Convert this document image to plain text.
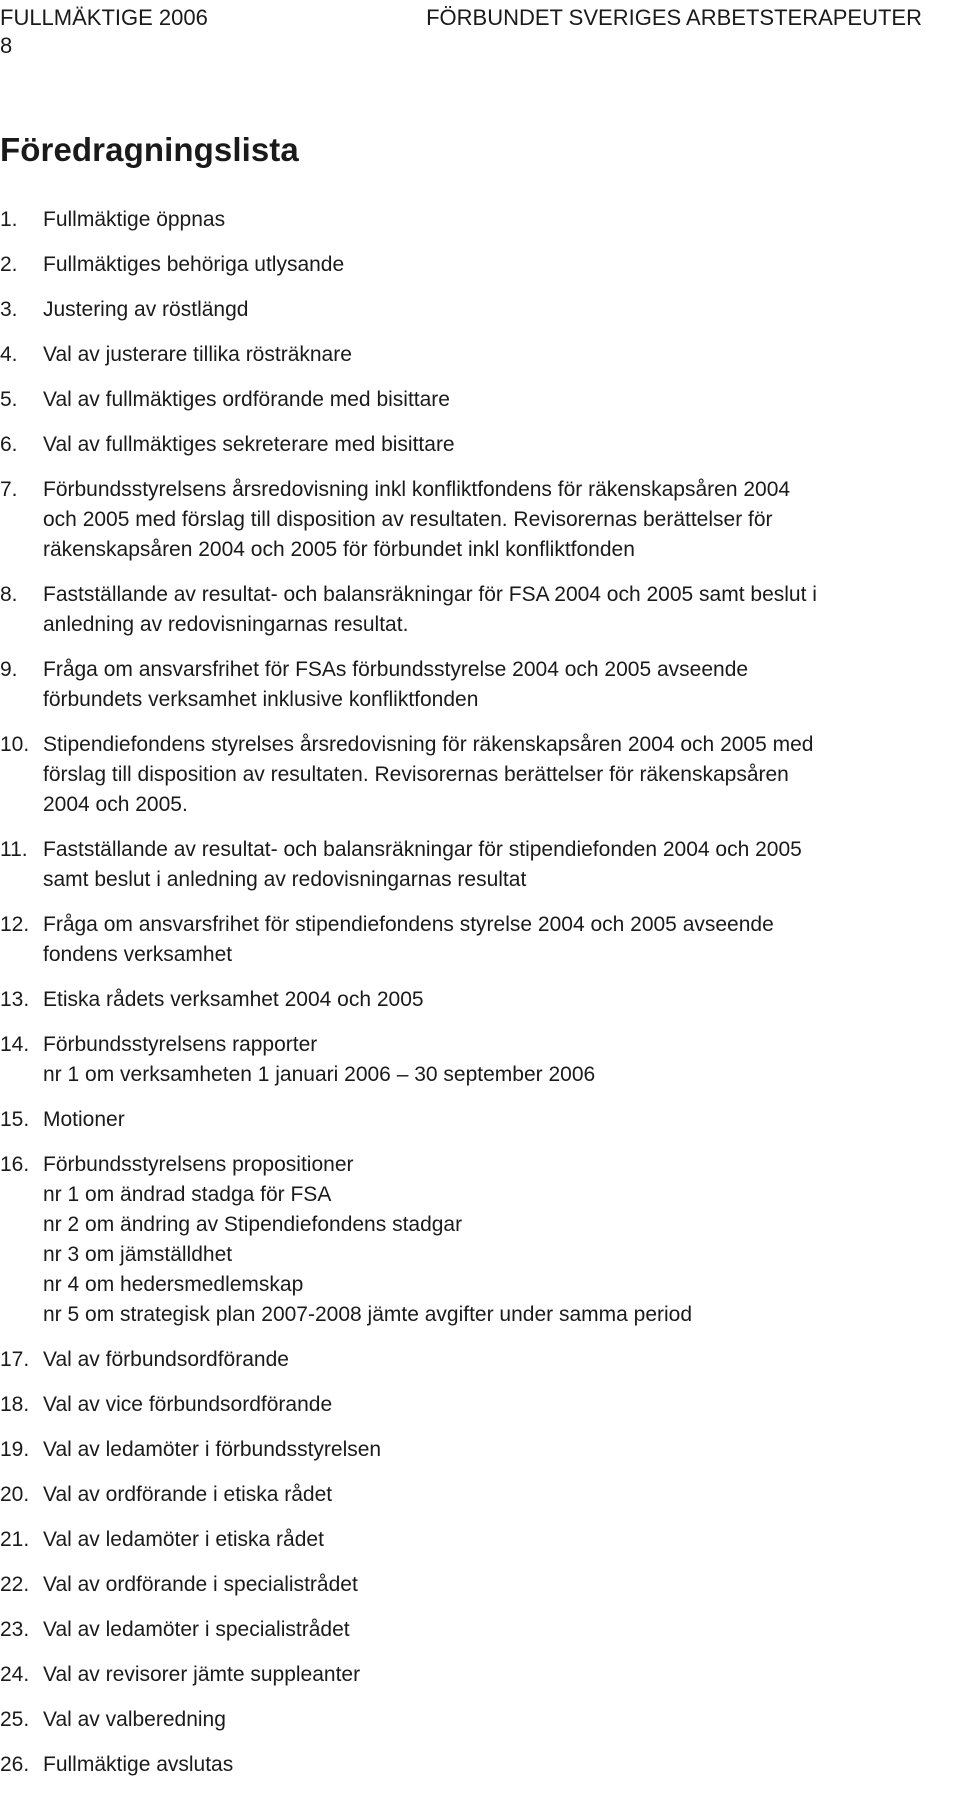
FULLMÄKTIGE 2006	FÖRBUNDET SVERIGES ARBETSTERAPEUTER
8
Föredragningslista
1.	Fullmäktige öppnas
2.	Fullmäktiges behöriga utlysande
3.	Justering av röstlängd
4.	Val av justerare tillika rösträknare
5.	Val av fullmäktiges ordförande med bisittare
6.	Val av fullmäktiges sekreterare med bisittare
7.	Förbundsstyrelsens årsredovisning inkl konfliktfondens för räkenskapsåren 2004
och 2005 med förslag till disposition av resultaten. Revisorernas berättelser för
räkenskapsåren 2004 och 2005 för förbundet inkl konfliktfonden
8.	Fastställande av resultat- och balansräkningar för FSA 2004 och 2005 samt beslut i
anledning av redovisningarnas resultat.
9.	Fråga om ansvarsfrihet för FSAs förbundsstyrelse 2004 och 2005 avseende
förbundets verksamhet inklusive konfliktfonden
10. Stipendiefondens styrelses årsredovisning för räkenskapsåren 2004 och 2005 med
förslag till disposition av resultaten. Revisorernas berättelser för räkenskapsåren
2004 och 2005.
11. Fastställande av resultat- och balansräkningar för stipendiefonden 2004 och 2005
samt beslut i anledning av redovisningarnas resultat
12. Fråga om ansvarsfrihet för stipendiefondens styrelse 2004 och 2005 avseende
fondens verksamhet
13. Etiska rådets verksamhet 2004 och 2005
14. Förbundsstyrelsens rapporter
nr 1 om verksamheten 1 januari 2006 – 30 september 2006
15. Motioner
16. Förbundsstyrelsens propositioner
nr 1 om ändrad stadga för FSA
nr 2 om ändring av Stipendiefondens stadgar
nr 3 om jämställdhet
nr 4 om hedersmedlemskap
nr 5 om strategisk plan 2007-2008 jämte avgifter under samma period
17. Val av förbundsordförande
18. Val av vice förbundsordförande
19. Val av ledamöter i förbundsstyrelsen
20. Val av ordförande i etiska rådet
21. Val av ledamöter i etiska rådet
22. Val av ordförande i specialistrådet
23. Val av ledamöter i specialistrådet
24. Val av revisorer jämte suppleanter
25. Val av valberedning
26. Fullmäktige avslutas
